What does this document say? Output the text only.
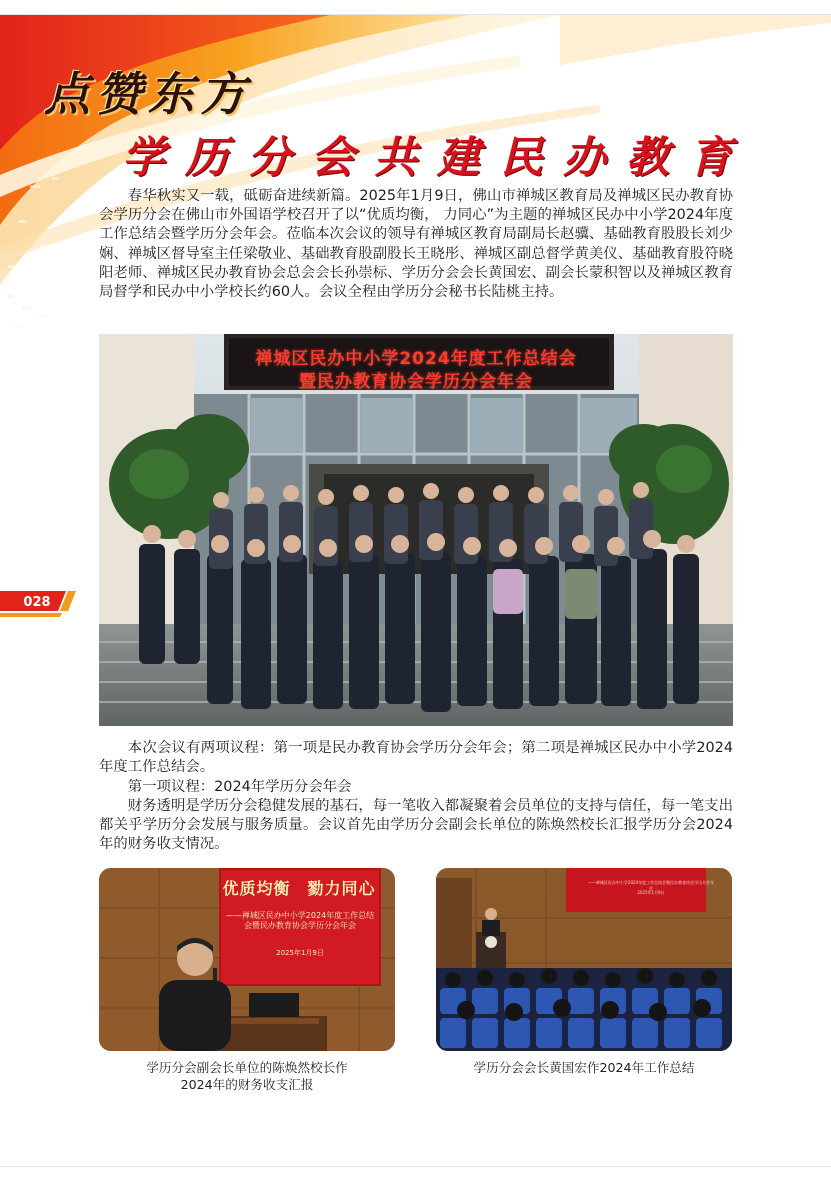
点赞东方
学历分会共建民办教育

春华秋实又一载，砥砺奋进续新篇。2025年1月9日，佛山市禅城区教育局及禅城区民办教育协会学历分会在佛山市外国语学校召开了以“优质均衡， 力同心”为主题的禅城区民办中小学2024年度工作总结会暨学历分会年会。莅临本次会议的领导有禅城区教育局副局长赵骥、基础教育股股长刘少娴、禅城区督导室主任梁敬业、基础教育股副股长王晓彤、禅城区副总督学黄美仪、基础教育股符晓阳老师、禅城区民办教育协会总会会长孙崇标、学历分会会长黄国宏、副会长蒙积智以及禅城区教育局督学和民办中小学校长约60人。会议全程由学历分会秘书长陆桃主持。

禅城区民办中小学2024年度工作总结会
暨民办教育协会学历分会年会
028

本次会议有两项议程：第一项是民办教育协会学历分会年会；第二项是禅城区民办中小学2024年度工作总结会。

第一项议程：2024年学历分会年会

财务透明是学历分会稳健发展的基石，每一笔收入都凝聚着会员单位的支持与信任，每一笔支出都关乎学历分会发展与服务质量。会议首先由学历分会副会长单位的陈焕然校长汇报学历分会2024年的财务收支情况。

优质均衡　勠力同心
——禅城区民办中小学2024年度工作总结
会暨民办教育协会学历分会年会
2025年1月9日
——禅城区民办中小学2024年度工作总结会暨民办教育协会学历分会年会
2025年1月9日

学历分会副会长单位的陈焕然校长作2024年的财务收支汇报

学历分会会长黄国宏作2024年工作总结
